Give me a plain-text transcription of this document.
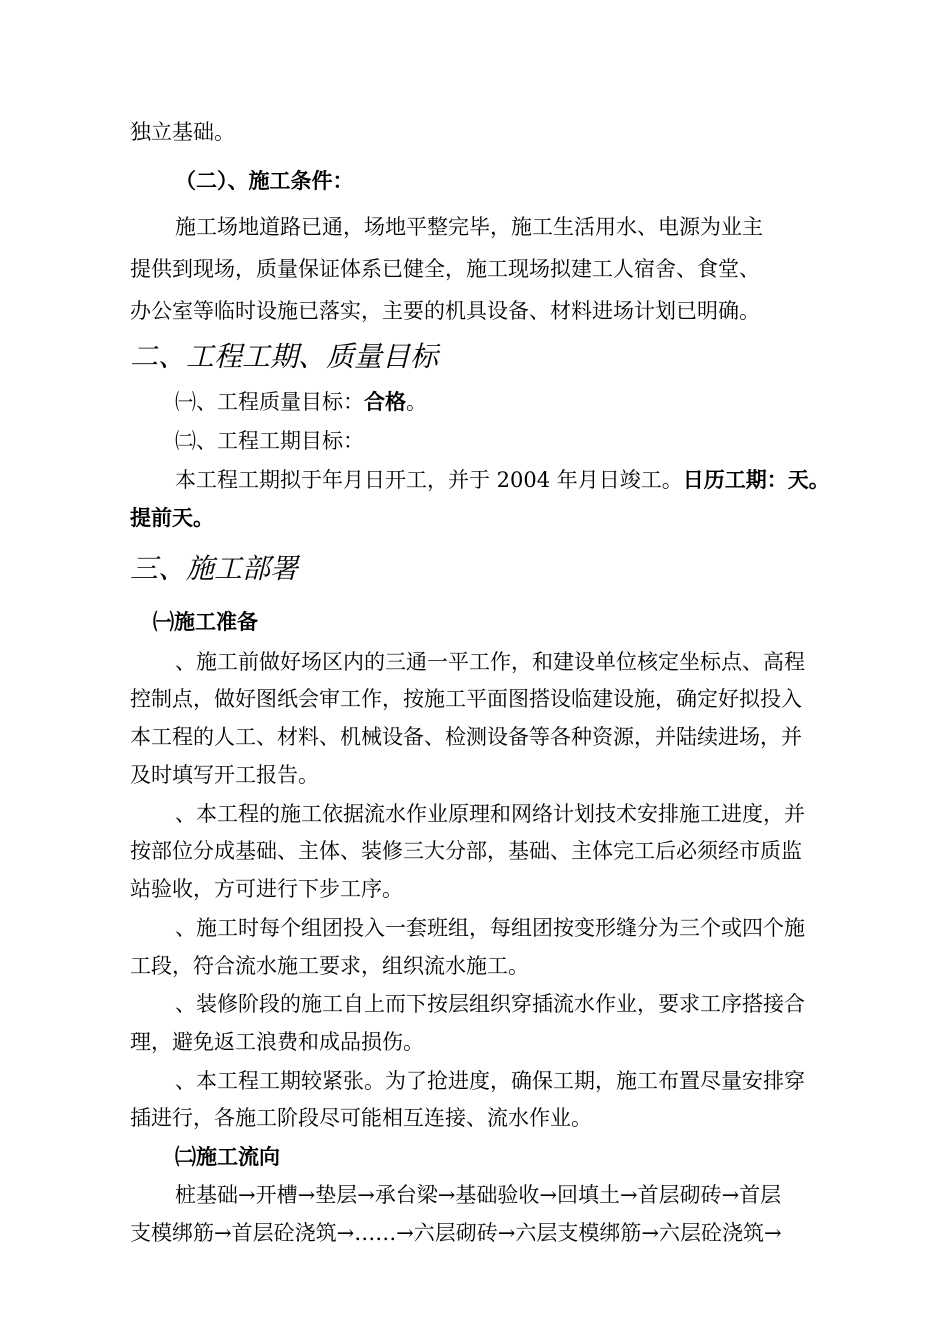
独立基础。
（二）、施工条件：
施工场地道路已通，场地平整完毕，施工生活用水、电源为业主
提供到现场，质量保证体系已健全，施工现场拟建工人宿舍、食堂、
办公室等临时设施已落实，主要的机具设备、材料进场计划已明确。
二、工程工期、质量目标
㈠、工程质量目标：合格。
㈡、工程工期目标：
本工程工期拟于年月日开工，并于 2004 年月日竣工。日历工期：天。
提前天。
三、施工部署
㈠施工准备
、施工前做好场区内的三通一平工作，和建设单位核定坐标点、高程
控制点，做好图纸会审工作，按施工平面图搭设临建设施，确定好拟投入
本工程的人工、材料、机械设备、检测设备等各种资源，并陆续进场，并
及时填写开工报告。
、本工程的施工依据流水作业原理和网络计划技术安排施工进度，并
按部位分成基础、主体、装修三大分部，基础、主体完工后必须经市质监
站验收，方可进行下步工序。
、施工时每个组团投入一套班组，每组团按变形缝分为三个或四个施
工段，符合流水施工要求，组织流水施工。
、装修阶段的施工自上而下按层组织穿插流水作业，要求工序搭接合
理，避免返工浪费和成品损伤。
、本工程工期较紧张。为了抢进度，确保工期，施工布置尽量安排穿
插进行，各施工阶段尽可能相互连接、流水作业。
㈡施工流向
桩基础→开槽→垫层→承台梁→基础验收→回填土→首层砌砖→首层
支模绑筋→首层砼浇筑→……→六层砌砖→六层支模绑筋→六层砼浇筑→
